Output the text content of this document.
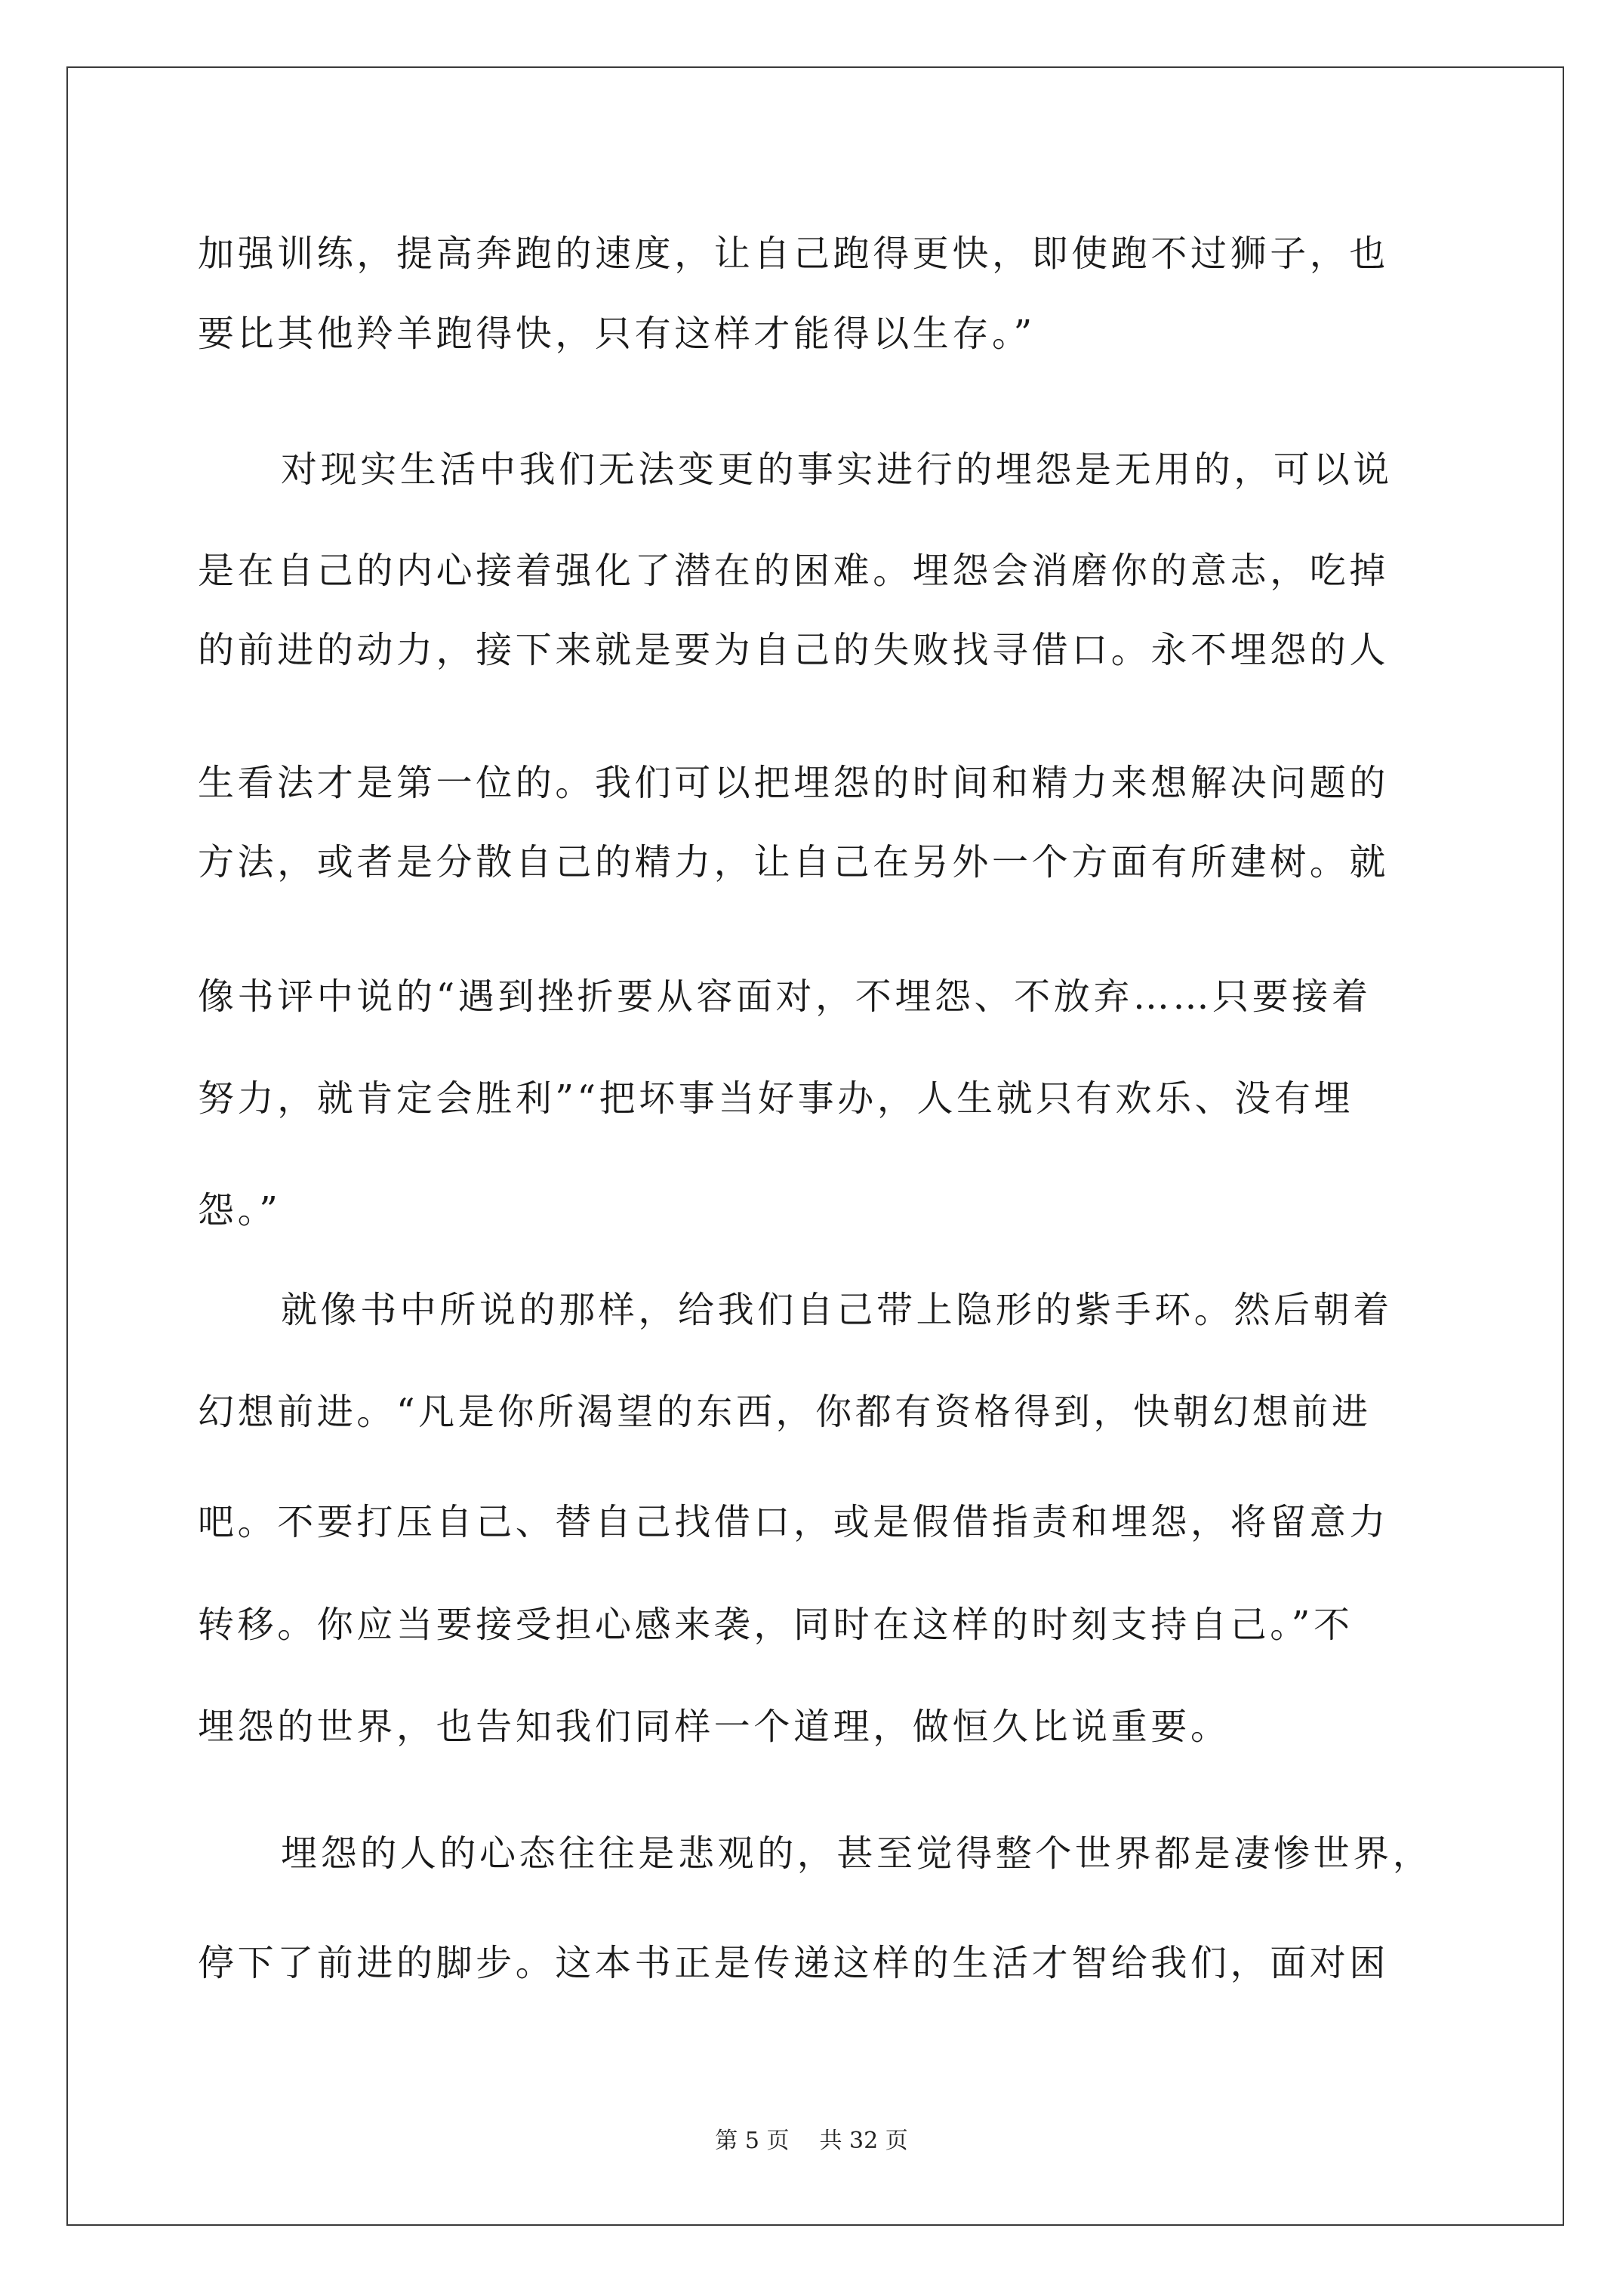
加强训练，提高奔跑的速度，让自己跑得更快，即使跑不过狮子，也
要比其他羚羊跑得快，只有这样才能得以生存。”
对现实生活中我们无法变更的事实进行的埋怨是无用的，可以说
是在自己的内心接着强化了潜在的困难。埋怨会消磨你的意志，吃掉
的前进的动力，接下来就是要为自己的失败找寻借口。永不埋怨的人
生看法才是第一位的。我们可以把埋怨的时间和精力来想解决问题的
方法，或者是分散自己的精力，让自己在另外一个方面有所建树。就
像书评中说的“遇到挫折要从容面对，不埋怨、不放弃……只要接着
努力，就肯定会胜利”“把坏事当好事办，人生就只有欢乐、没有埋
怨。”
就像书中所说的那样，给我们自己带上隐形的紫手环。然后朝着
幻想前进。“凡是你所渴望的东西，你都有资格得到，快朝幻想前进
吧。不要打压自己、替自己找借口，或是假借指责和埋怨，将留意力
转移。你应当要接受担心感来袭，同时在这样的时刻支持自己。”不
埋怨的世界，也告知我们同样一个道理，做恒久比说重要。
埋怨的人的心态往往是悲观的，甚至觉得整个世界都是凄惨世界，
停下了前进的脚步。这本书正是传递这样的生活才智给我们，面对困
第 5 页 共 32 页
